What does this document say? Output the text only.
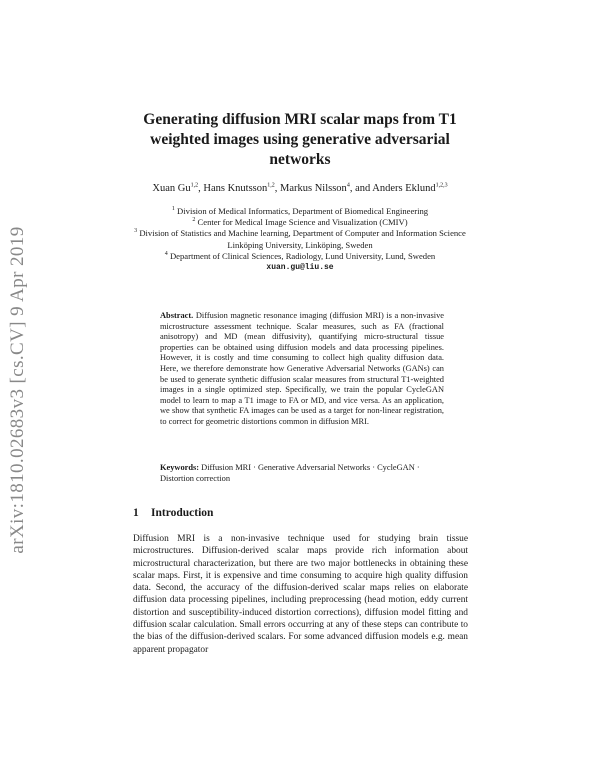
arXiv:1810.02683v3 [cs.CV] 9 Apr 2019
Generating diffusion MRI scalar maps from T1 weighted images using generative adversarial networks
Xuan Gu$^{1,2}$, Hans Knutsson$^{1,2}$, Markus Nilsson$^4$, and Anders Eklund$^{1,2,3}$
$^1$ Division of Medical Informatics, Department of Biomedical Engineering
$^2$ Center for Medical Image Science and Visualization (CMIV)
$^3$ Division of Statistics and Machine learning, Department of Computer and Information Science
Linköping University, Linköping, Sweden
$^4$ Department of Clinical Sciences, Radiology, Lund University, Lund, Sweden
xuan.gu@liu.se
Abstract. Diffusion magnetic resonance imaging (diffusion MRI) is a non-invasive microstructure assessment technique. Scalar measures, such as FA (fractional anisotropy) and MD (mean diffusivity), quantifying micro-structural tissue properties can be obtained using diffusion models and data processing pipelines. However, it is costly and time consuming to collect high quality diffusion data. Here, we therefore demonstrate how Generative Adversarial Networks (GANs) can be used to generate synthetic diffusion scalar measures from structural T1-weighted images in a single optimized step. Specifically, we train the popular CycleGAN model to learn to map a T1 image to FA or MD, and vice versa. As an application, we show that synthetic FA images can be used as a target for non-linear registration, to correct for geometric distortions common in diffusion MRI.
Keywords: Diffusion MRI · Generative Adversarial Networks · CycleGAN · Distortion correction
1 Introduction
Diffusion MRI is a non-invasive technique used for studying brain tissue microstructures. Diffusion-derived scalar maps provide rich information about microstructural characterization, but there are two major bottlenecks in obtaining these scalar maps. First, it is expensive and time consuming to acquire high quality diffusion data. Second, the accuracy of the diffusion-derived scalar maps relies on elaborate diffusion data processing pipelines, including preprocessing (head motion, eddy current distortion and susceptibility-induced distortion corrections), diffusion model fitting and diffusion scalar calculation. Small errors occurring at any of these steps can contribute to the bias of the diffusion-derived scalars. For some advanced diffusion models e.g. mean apparent propagator
